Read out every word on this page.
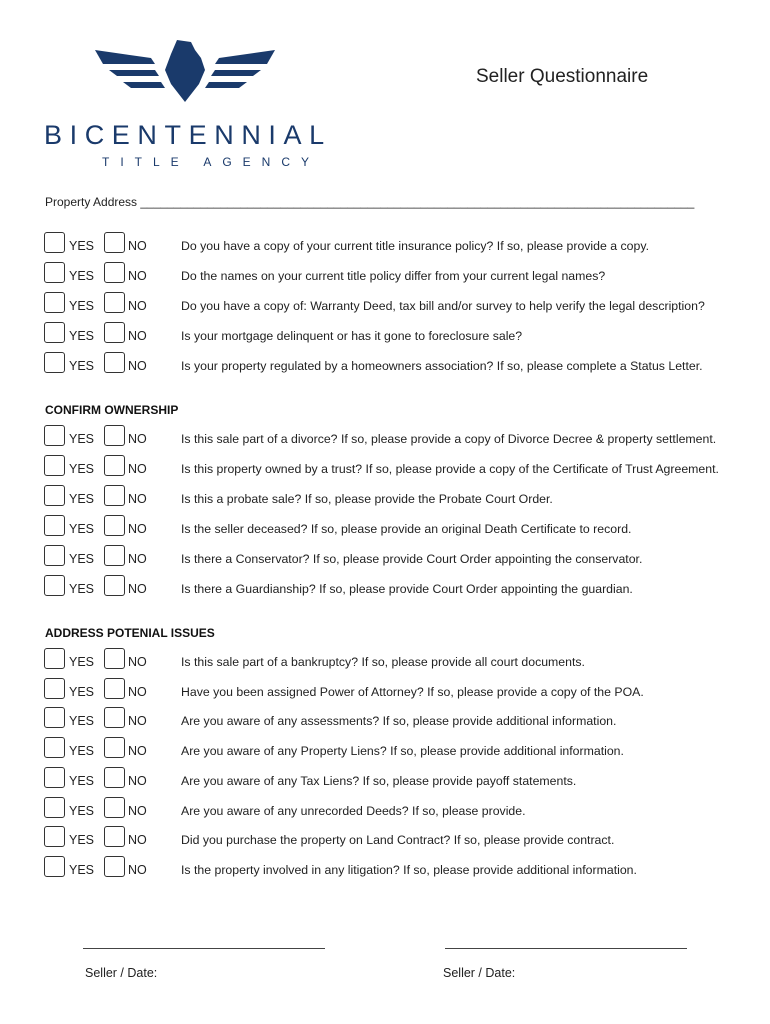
BICENTENNIAL
TITLE AGENCY
Seller Questionnaire
Property Address ___________________________________________________________________________________
YES	NO	Do you have a copy of your current title insurance policy? If so, please provide a copy.
YES	NO	Do the names on your current title policy differ from your current legal names?
YES	NO	Do you have a copy of: Warranty Deed, tax bill and/or survey to help verify the legal description?
YES	NO	Is your mortgage delinquent or has it gone to foreclosure sale?
YES	NO	Is your property regulated by a homeowners association? If so, please complete a Status Letter.
CONFIRM OWNERSHIP
YES	NO	Is this sale part of a divorce? If so, please provide a copy of Divorce Decree & property settlement.
YES	NO	Is this property owned by a trust? If so, please provide a copy of the Certificate of Trust Agreement.
YES	NO	Is this a probate sale? If so, please provide the Probate Court Order.
YES	NO	Is the seller deceased? If so, please provide an original Death Certificate to record.
YES	NO	Is there a Conservator? If so, please provide Court Order appointing the conservator.
YES	NO	Is there a Guardianship? If so, please provide Court Order appointing the guardian.
ADDRESS POTENIAL ISSUES
YES	NO	Is this sale part of a bankruptcy? If so, please provide all court documents.
YES	NO	Have you been assigned Power of Attorney? If so, please provide a copy of the POA.
YES	NO	Are you aware of any assessments? If so, please provide additional information.
YES	NO	Are you aware of any Property Liens? If so, please provide additional information.
YES	NO	Are you aware of any Tax Liens? If so, please provide payoff statements.
YES	NO	Are you aware of any unrecorded Deeds? If so, please provide.
YES	NO	Did you purchase the property on Land Contract? If so, please provide contract.
YES	NO	Is the property involved in any litigation? If so, please provide additional information.
Seller / Date:	Seller / Date:
